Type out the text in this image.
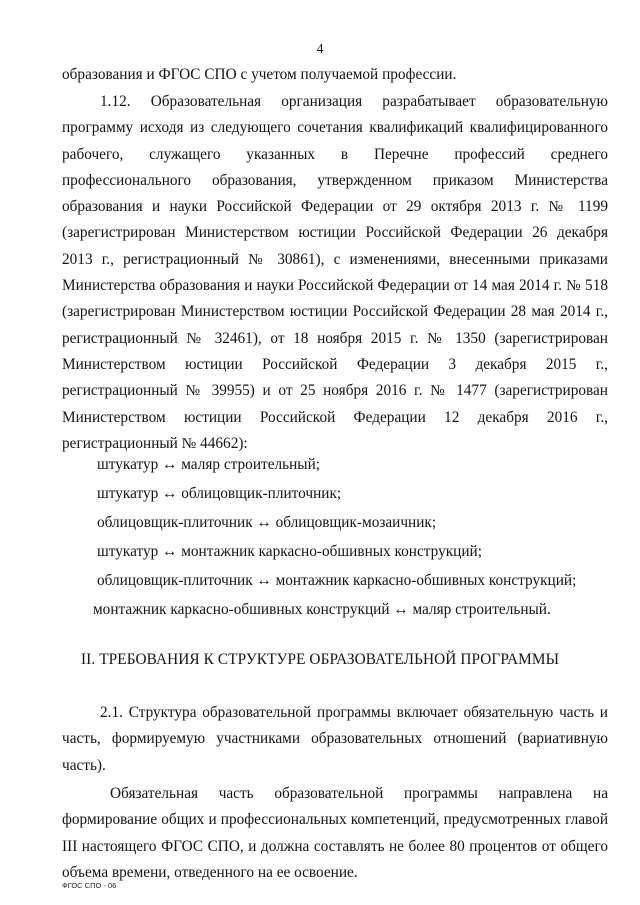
4
образования и ФГОС СПО с учетом получаемой профессии.
1.12. Образовательная организация разрабатывает образовательную программу исходя из следующего сочетания квалификаций квалифицированного рабочего, служащего указанных в Перечне профессий среднего профессионального образования, утвержденном приказом Министерства образования и науки Российской Федерации от 29 октября 2013 г. № 1199 (зарегистрирован Министерством юстиции Российской Федерации 26 декабря 2013 г., регистрационный № 30861), с изменениями, внесенными приказами Министерства образования и науки Российской Федерации от 14 мая 2014 г. № 518 (зарегистрирован Министерством юстиции Российской Федерации 28 мая 2014 г., регистрационный № 32461), от 18 ноября 2015 г. № 1350 (зарегистрирован Министерством юстиции Российской Федерации 3 декабря 2015 г., регистрационный № 39955) и от 25 ноября 2016 г. № 1477 (зарегистрирован Министерством юстиции Российской Федерации 12 декабря 2016 г., регистрационный № 44662):
штукатур ↔ маляр строительный;
штукатур ↔ облицовщик-плиточник;
облицовщик-плиточник ↔ облицовщик-мозаичник;
штукатур ↔ монтажник каркасно-обшивных конструкций;
облицовщик-плиточник ↔ монтажник каркасно-обшивных конструкций;
монтажник каркасно-обшивных конструкций ↔ маляр строительный.
II. ТРЕБОВАНИЯ К СТРУКТУРЕ ОБРАЗОВАТЕЛЬНОЙ ПРОГРАММЫ
2.1. Структура образовательной программы включает обязательную часть и часть, формируемую участниками образовательных отношений (вариативную часть).
Обязательная часть образовательной программы направлена на формирование общих и профессиональных компетенций, предусмотренных главой III настоящего ФГОС СПО, и должна составлять не более 80 процентов от общего объема времени, отведенного на ее освоение.
ФГОС СПО - 06
